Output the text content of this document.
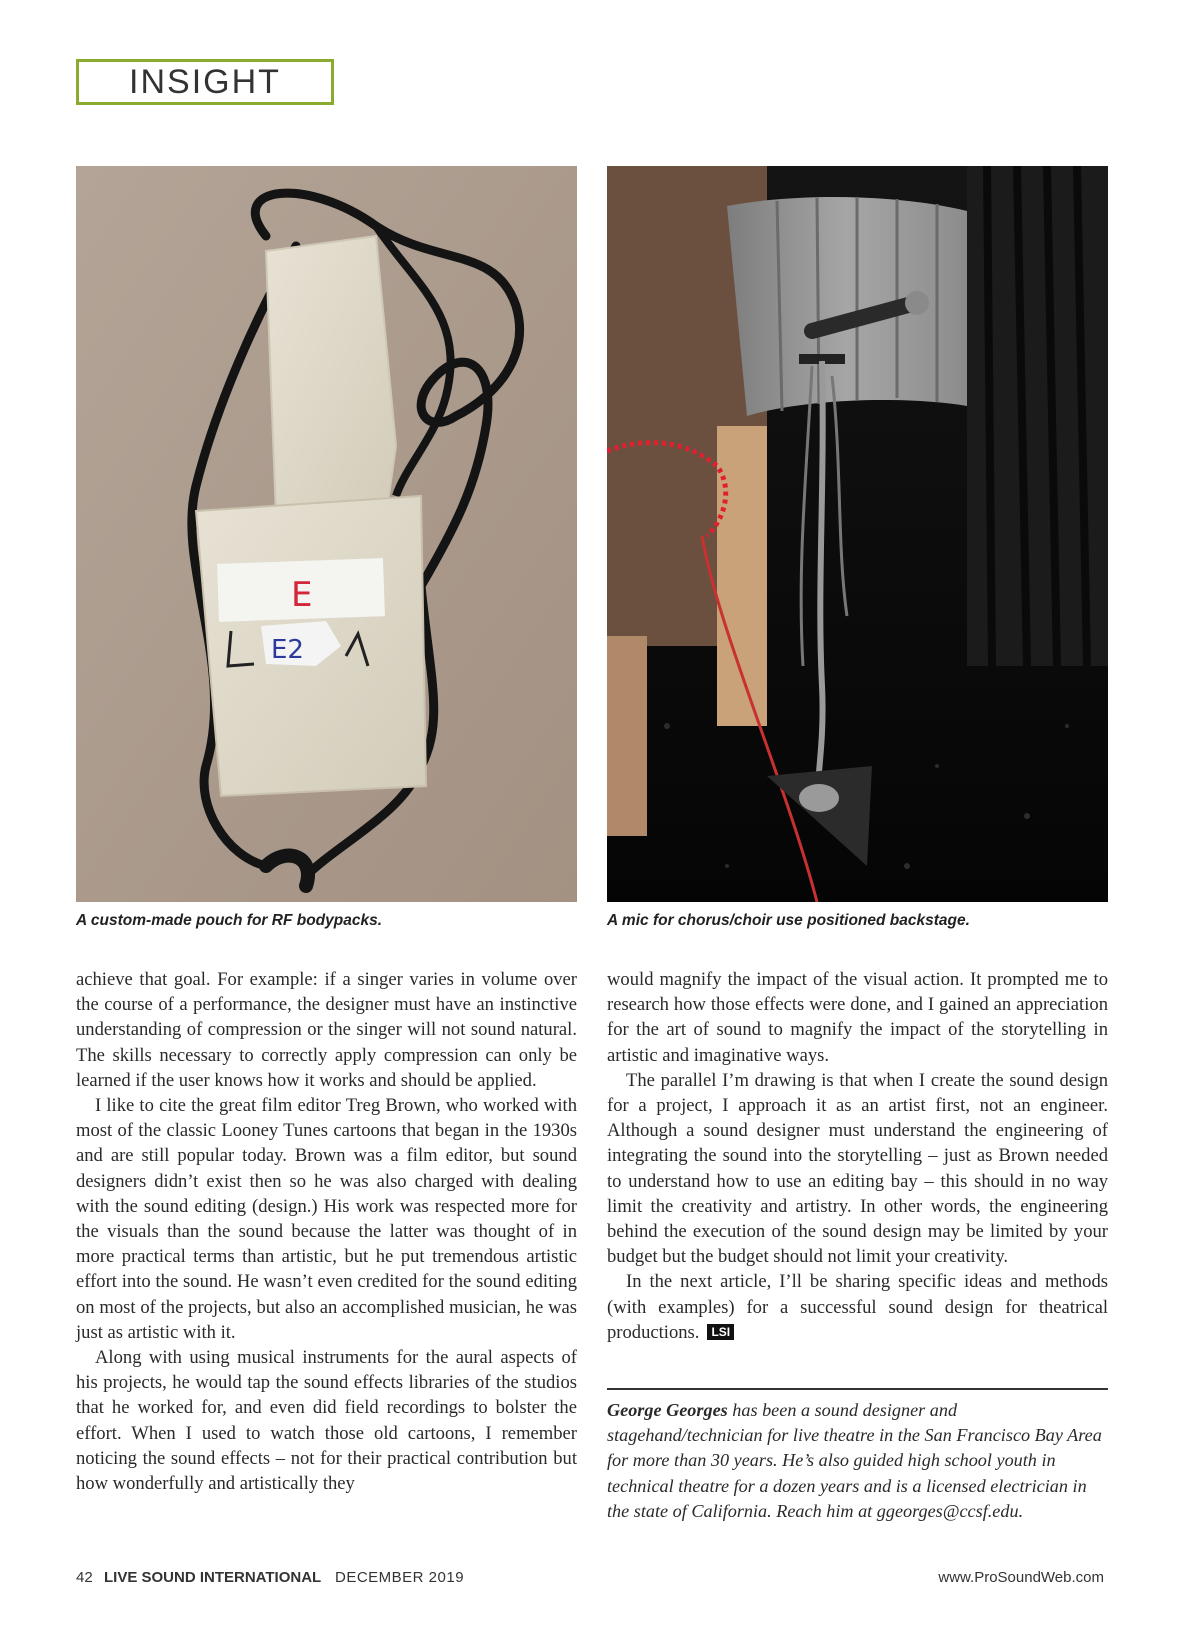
INSIGHT
E
E2
A custom-made pouch for RF bodypacks.	A mic for chorus/choir use positioned backstage.

achieve that goal. For example: if a singer varies in volume over the course of a performance, the designer must have an instinctive understanding of compression or the singer will not sound natural. The skills necessary to correctly apply compression can only be learned if the user knows how it works and should be applied.

I like to cite the great film editor Treg Brown, who worked with most of the classic Looney Tunes cartoons that began in the 1930s and are still popular today. Brown was a film editor, but sound designers didn’t exist then so he was also charged with dealing with the sound editing (design.) His work was respected more for the visuals than the sound because the latter was thought of in more practical terms than artistic, but he put tremendous artistic effort into the sound. He wasn’t even credited for the sound editing on most of the projects, but also an accomplished musician, he was just as artistic with it.

Along with using musical instruments for the aural aspects of his projects, he would tap the sound effects libraries of the studios that he worked for, and even did field recordings to bolster the effort. When I used to watch those old cartoons, I remember noticing the sound effects – not for their practical contribution but how wonderfully and artistically they

would magnify the impact of the visual action. It prompted me to research how those effects were done, and I gained an appreciation for the art of sound to magnify the impact of the storytelling in artistic and imaginative ways.

The parallel I’m drawing is that when I create the sound design for a project, I approach it as an artist first, not an engineer. Although a sound designer must understand the engineering of integrating the sound into the storytelling – just as Brown needed to understand how to use an editing bay – this should in no way limit the creativity and artistry. In other words, the engineering behind the execution of the sound design may be limited by your budget but the budget should not limit your creativity.

In the next article, I’ll be sharing specific ideas and methods (with examples) for a successful sound design for theatrical productions. LSI

George Georges has been a sound designer and stagehand/technician for live theatre in the San Francisco Bay Area for more than 30 years. He’s also guided high school youth in technical theatre for a dozen years and is a licensed electrician in the state of California. Reach him at ggeorges@ccsf.edu.
42 LIVE SOUND INTERNATIONAL DECEMBER 2019	www.ProSoundWeb.com
